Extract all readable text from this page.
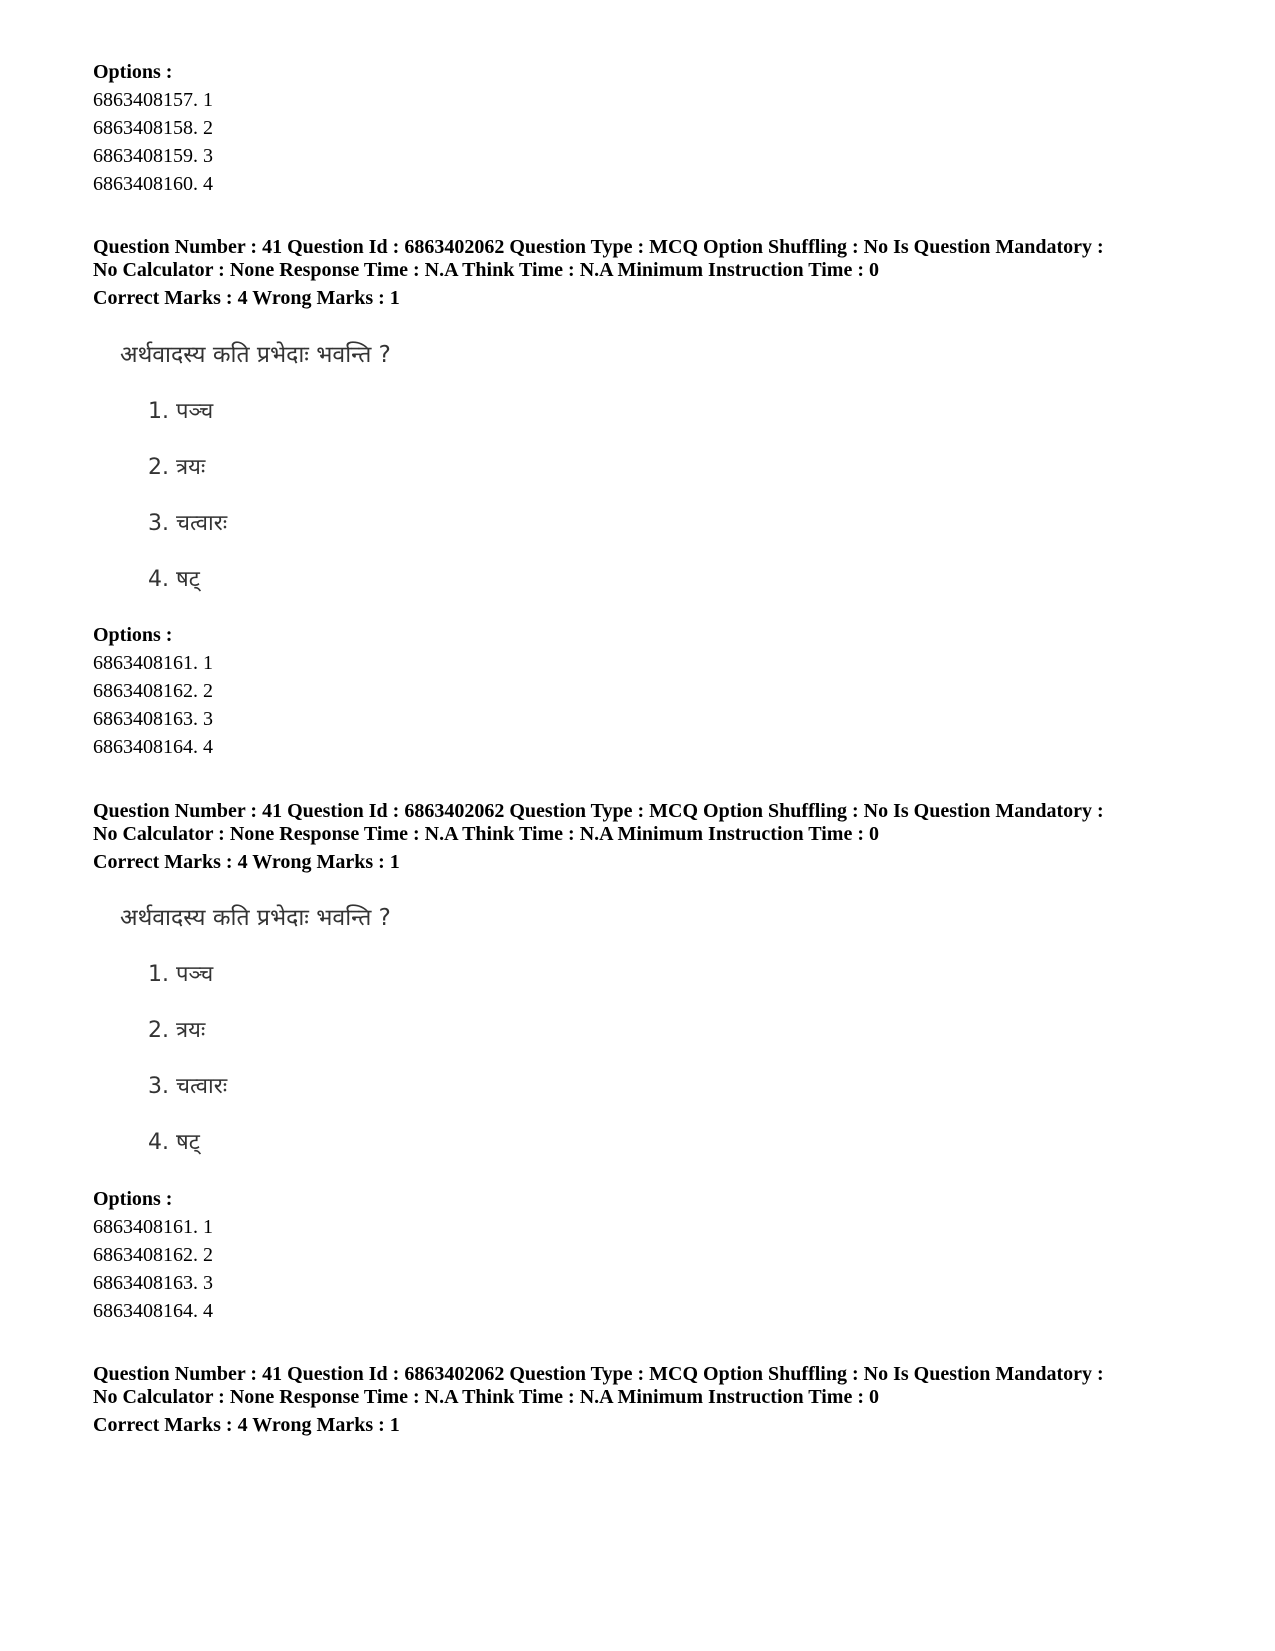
Options :
6863408157. 1
6863408158. 2
6863408159. 3
6863408160. 4
Question Number : 41 Question Id : 6863402062 Question Type : MCQ Option Shuffling : No Is Question Mandatory :
No Calculator : None Response Time : N.A Think Time : N.A Minimum Instruction Time : 0
Correct Marks : 4 Wrong Marks : 1
अर्थवादस्य कति प्रभेदाः भवन्ति ?
1. पञ्च
2. त्रयः
3. चत्वारः
4. षट्
Options :
6863408161. 1
6863408162. 2
6863408163. 3
6863408164. 4
Question Number : 41 Question Id : 6863402062 Question Type : MCQ Option Shuffling : No Is Question Mandatory :
No Calculator : None Response Time : N.A Think Time : N.A Minimum Instruction Time : 0
Correct Marks : 4 Wrong Marks : 1
अर्थवादस्य कति प्रभेदाः भवन्ति ?
1. पञ्च
2. त्रयः
3. चत्वारः
4. षट्
Options :
6863408161. 1
6863408162. 2
6863408163. 3
6863408164. 4
Question Number : 41 Question Id : 6863402062 Question Type : MCQ Option Shuffling : No Is Question Mandatory :
No Calculator : None Response Time : N.A Think Time : N.A Minimum Instruction Time : 0
Correct Marks : 4 Wrong Marks : 1
